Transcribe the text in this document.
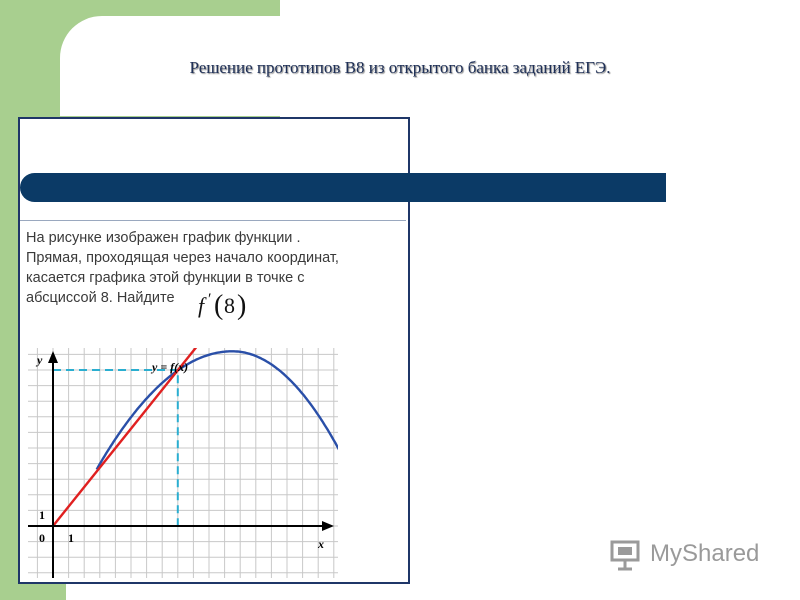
Решение прототипов В8 из открытого банка заданий ЕГЭ.

На рисунке изображен график функции .
Прямая, проходящая через начало координат,
касается графика этой функции в точке с
абсциссой 8. Найдите	f ′ ( 8 )
y
x
0 1
1
y = f(x)
MyShared
